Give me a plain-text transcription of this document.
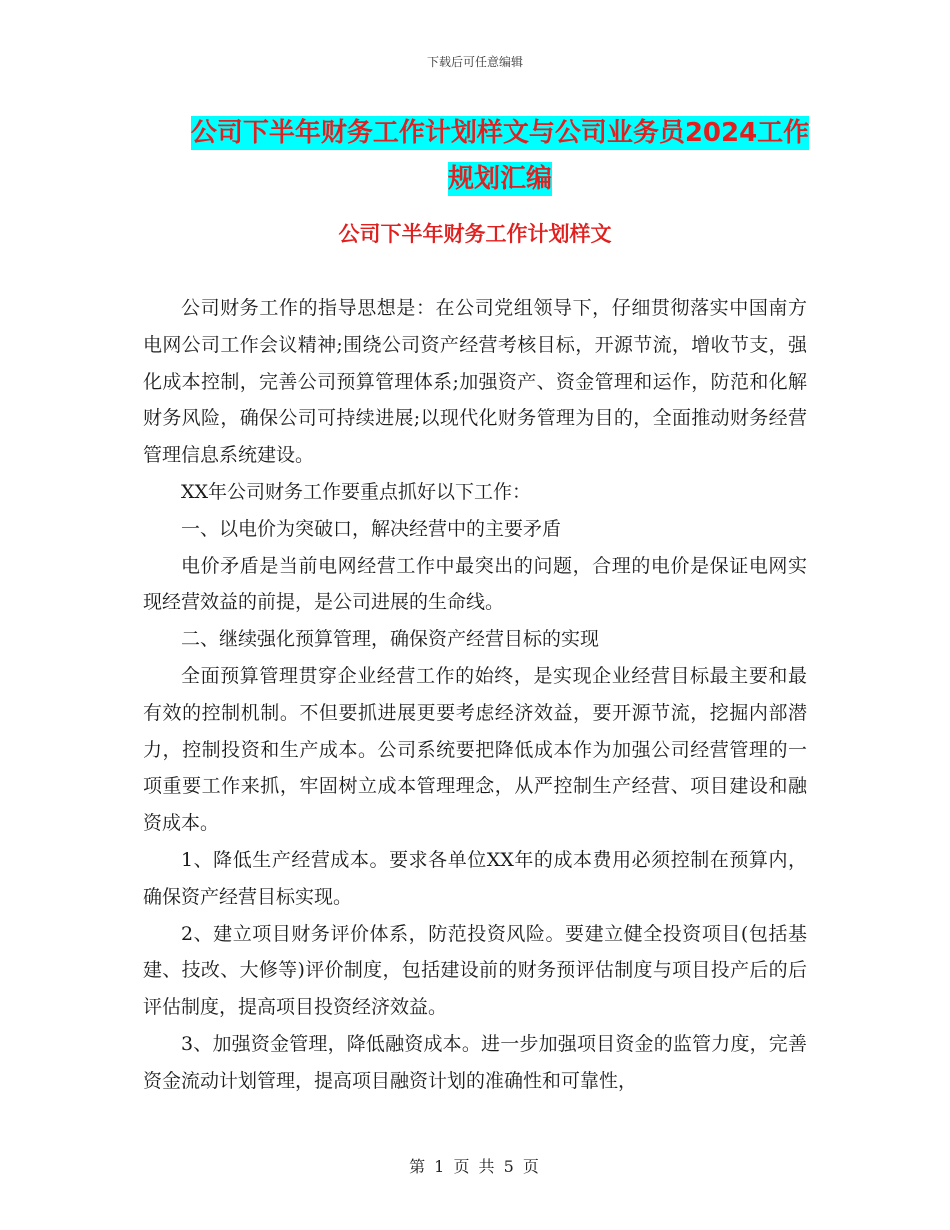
下载后可任意编辑
公司下半年财务工作计划样文与公司业务员2024工作
规划汇编
公司下半年财务工作计划样文

公司财务工作的指导思想是：在公司党组领导下，仔细贯彻落实中国南方电网公司工作会议精神;围绕公司资产经营考核目标，开源节流，增收节支，强化成本控制，完善公司预算管理体系;加强资产、资金管理和运作，防范和化解财务风险，确保公司可持续进展;以现代化财务管理为目的，全面推动财务经营管理信息系统建设。

XX年公司财务工作要重点抓好以下工作：

一、以电价为突破口，解决经营中的主要矛盾

电价矛盾是当前电网经营工作中最突出的问题，合理的电价是保证电网实现经营效益的前提，是公司进展的生命线。

二、继续强化预算管理，确保资产经营目标的实现

全面预算管理贯穿企业经营工作的始终，是实现企业经营目标最主要和最有效的控制机制。不但要抓进展更要考虑经济效益，要开源节流，挖掘内部潜力，控制投资和生产成本。公司系统要把降低成本作为加强公司经营管理的一项重要工作来抓，牢固树立成本管理理念，从严控制生产经营、项目建设和融资成本。

1、降低生产经营成本。要求各单位XX年的成本费用必须控制在预算内，确保资产经营目标实现。

2、建立项目财务评价体系，防范投资风险。要建立健全投资项目(包括基建、技改、大修等)评价制度，包括建设前的财务预评估制度与项目投产后的后评估制度，提高项目投资经济效益。

3、加强资金管理，降低融资成本。进一步加强项目资金的监管力度，完善资金流动计划管理，提高项目融资计划的准确性和可靠性，

第 1 页 共 5 页
